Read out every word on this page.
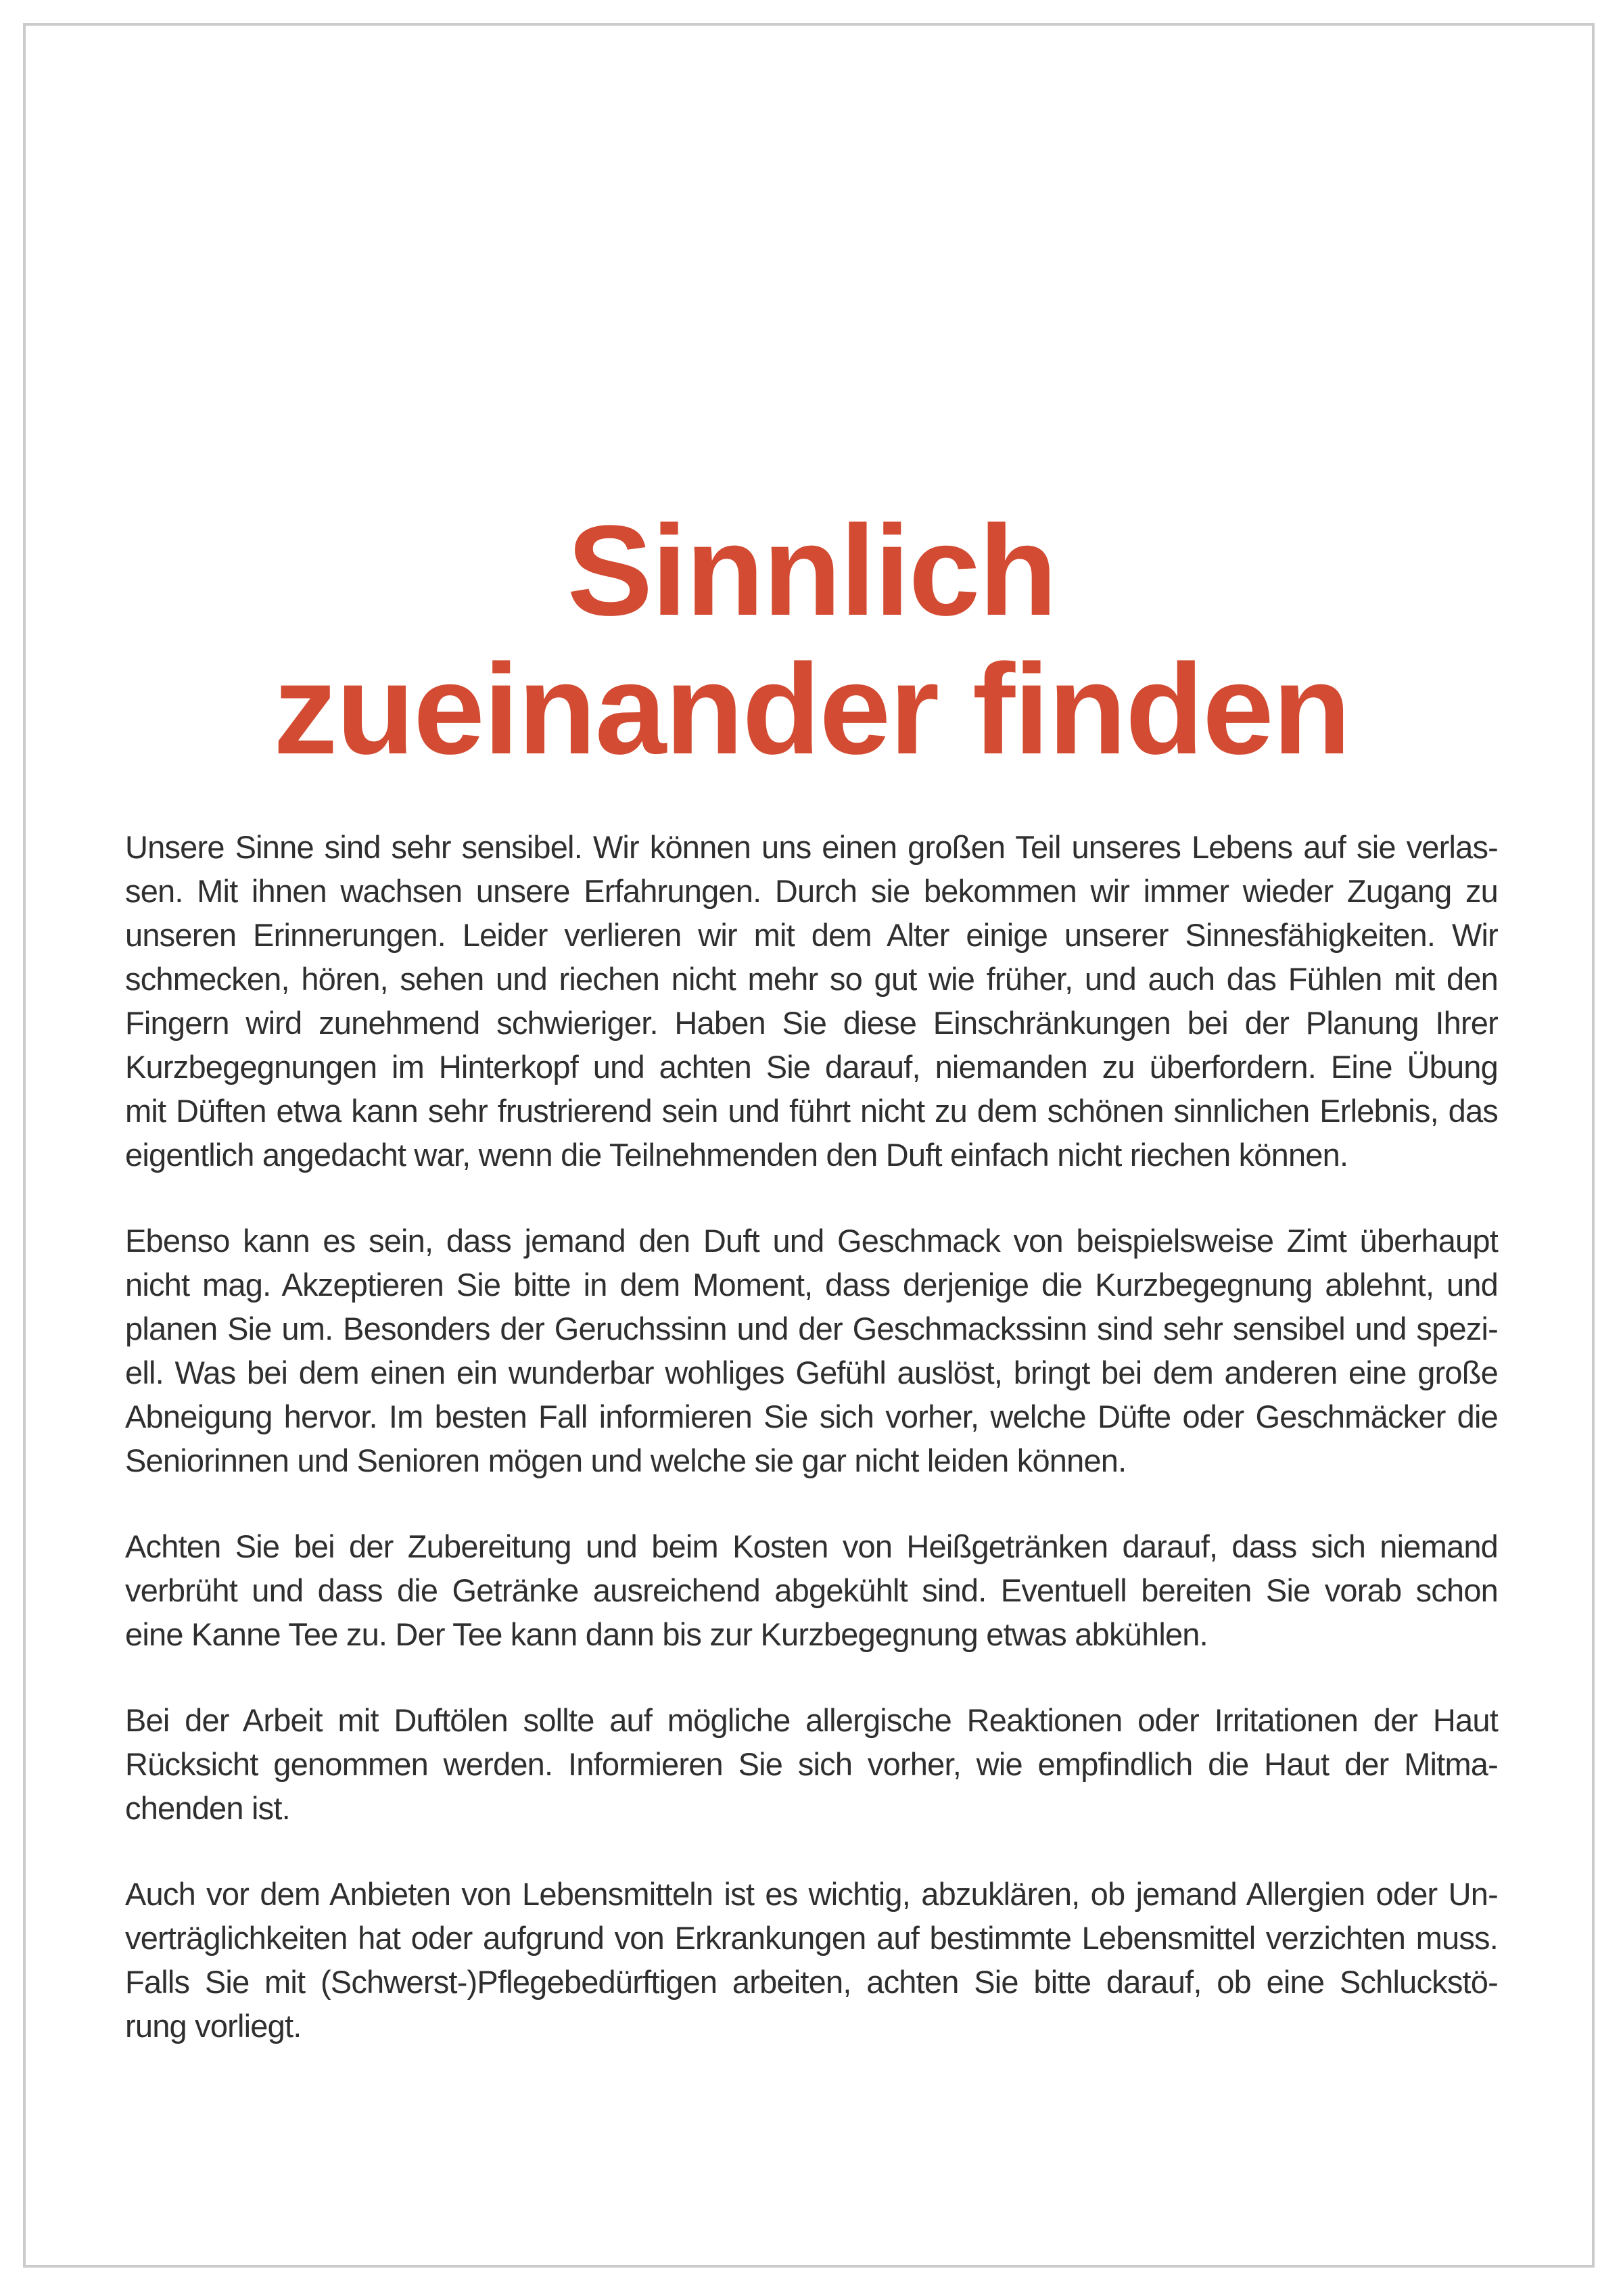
Sinnlich
zueinander finden
Unsere Sinne sind sehr sensibel. Wir können uns einen großen Teil unseres Lebens auf sie verlas-
sen. Mit ihnen wachsen unsere Erfahrungen. Durch sie bekommen wir immer wieder Zugang zu
unseren Erinnerungen. Leider verlieren wir mit dem Alter einige unserer Sinnesfähigkeiten. Wir
schmecken, hören, sehen und riechen nicht mehr so gut wie früher, und auch das Fühlen mit den
Fingern wird zunehmend schwieriger. Haben Sie diese Einschränkungen bei der Planung Ihrer
Kurzbegegnungen im Hinterkopf und achten Sie darauf, niemanden zu überfordern. Eine Übung
mit Düften etwa kann sehr frustrierend sein und führt nicht zu dem schönen sinnlichen Erlebnis, das
eigentlich angedacht war, wenn die Teilnehmenden den Duft einfach nicht riechen können.
Ebenso kann es sein, dass jemand den Duft und Geschmack von beispielsweise Zimt überhaupt
nicht mag. Akzeptieren Sie bitte in dem Moment, dass derjenige die Kurzbegegnung ablehnt, und
planen Sie um. Besonders der Geruchssinn und der Geschmackssinn sind sehr sensibel und spezi-
ell. Was bei dem einen ein wunderbar wohliges Gefühl auslöst, bringt bei dem anderen eine große
Abneigung hervor. Im besten Fall informieren Sie sich vorher, welche Düfte oder Geschmäcker die
Seniorinnen und Senioren mögen und welche sie gar nicht leiden können.
Achten Sie bei der Zubereitung und beim Kosten von Heißgetränken darauf, dass sich niemand
verbrüht und dass die Getränke ausreichend abgekühlt sind. Eventuell bereiten Sie vorab schon
eine Kanne Tee zu. Der Tee kann dann bis zur Kurzbegegnung etwas abkühlen.
Bei der Arbeit mit Duftölen sollte auf mögliche allergische Reaktionen oder Irritationen der Haut
Rücksicht genommen werden. Informieren Sie sich vorher, wie empfindlich die Haut der Mitma-
chenden ist.
Auch vor dem Anbieten von Lebensmitteln ist es wichtig, abzuklären, ob jemand Allergien oder Un-
verträglichkeiten hat oder aufgrund von Erkrankungen auf bestimmte Lebensmittel verzichten muss.
Falls Sie mit (Schwerst-)Pflegebedürftigen arbeiten, achten Sie bitte darauf, ob eine Schluckstö-
rung vorliegt.
